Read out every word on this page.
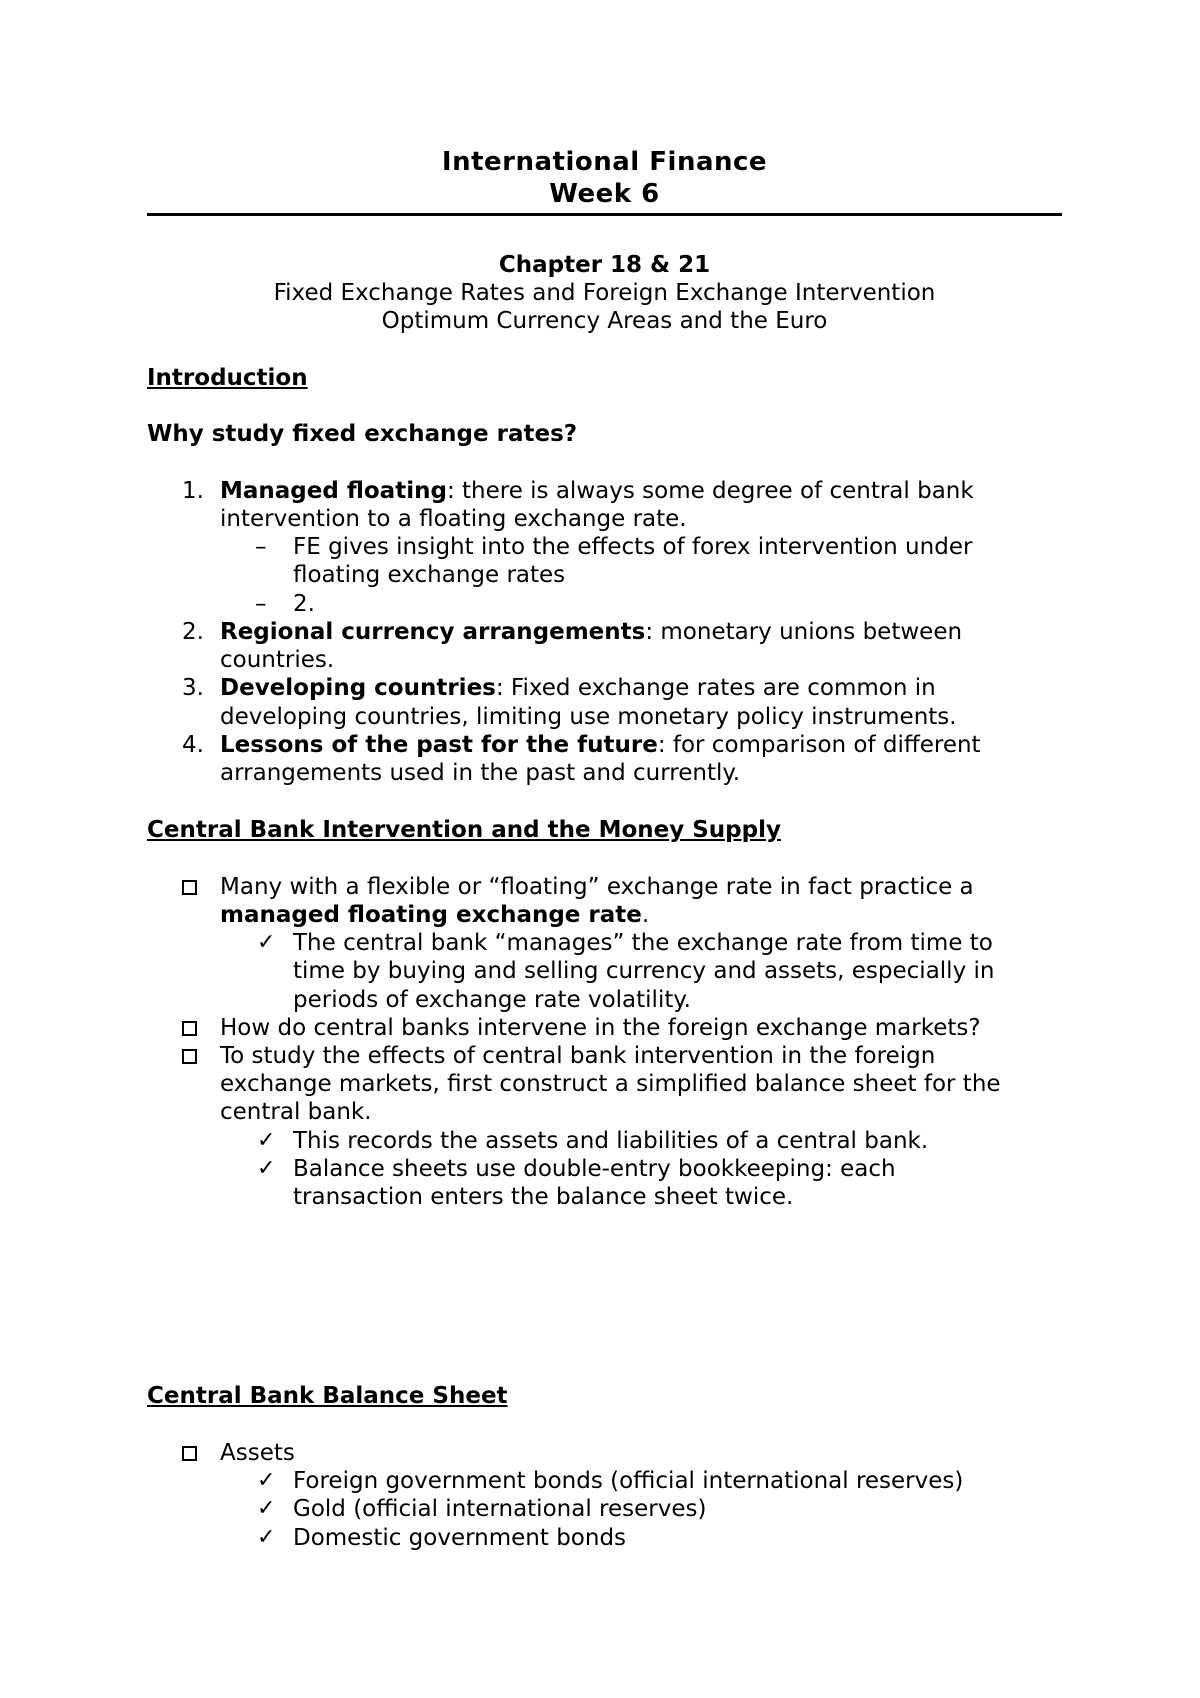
International Finance
Week 6
Chapter 18 & 21
Fixed Exchange Rates and Foreign Exchange Intervention
Optimum Currency Areas and the Euro
Introduction
Why study fixed exchange rates?
1. Managed floating: there is always some degree of central bank
intervention to a floating exchange rate.
– FE gives insight into the effects of forex intervention under
floating exchange rates
– 2.
2. Regional currency arrangements: monetary unions between
countries.
3. Developing countries: Fixed exchange rates are common in
developing countries, limiting use monetary policy instruments.
4. Lessons of the past for the future: for comparison of different
arrangements used in the past and currently.
Central Bank Intervention and the Money Supply
Many with a flexible or “floating” exchange rate in fact practice a
managed floating exchange rate.
✓ The central bank “manages” the exchange rate from time to
time by buying and selling currency and assets, especially in
periods of exchange rate volatility.
How do central banks intervene in the foreign exchange markets?
To study the effects of central bank intervention in the foreign
exchange markets, first construct a simplified balance sheet for the
central bank.
✓ This records the assets and liabilities of a central bank.
✓ Balance sheets use double-entry bookkeeping: each
transaction enters the balance sheet twice.
Central Bank Balance Sheet
Assets
✓ Foreign government bonds (official international reserves)
✓ Gold (official international reserves)
✓ Domestic government bonds
